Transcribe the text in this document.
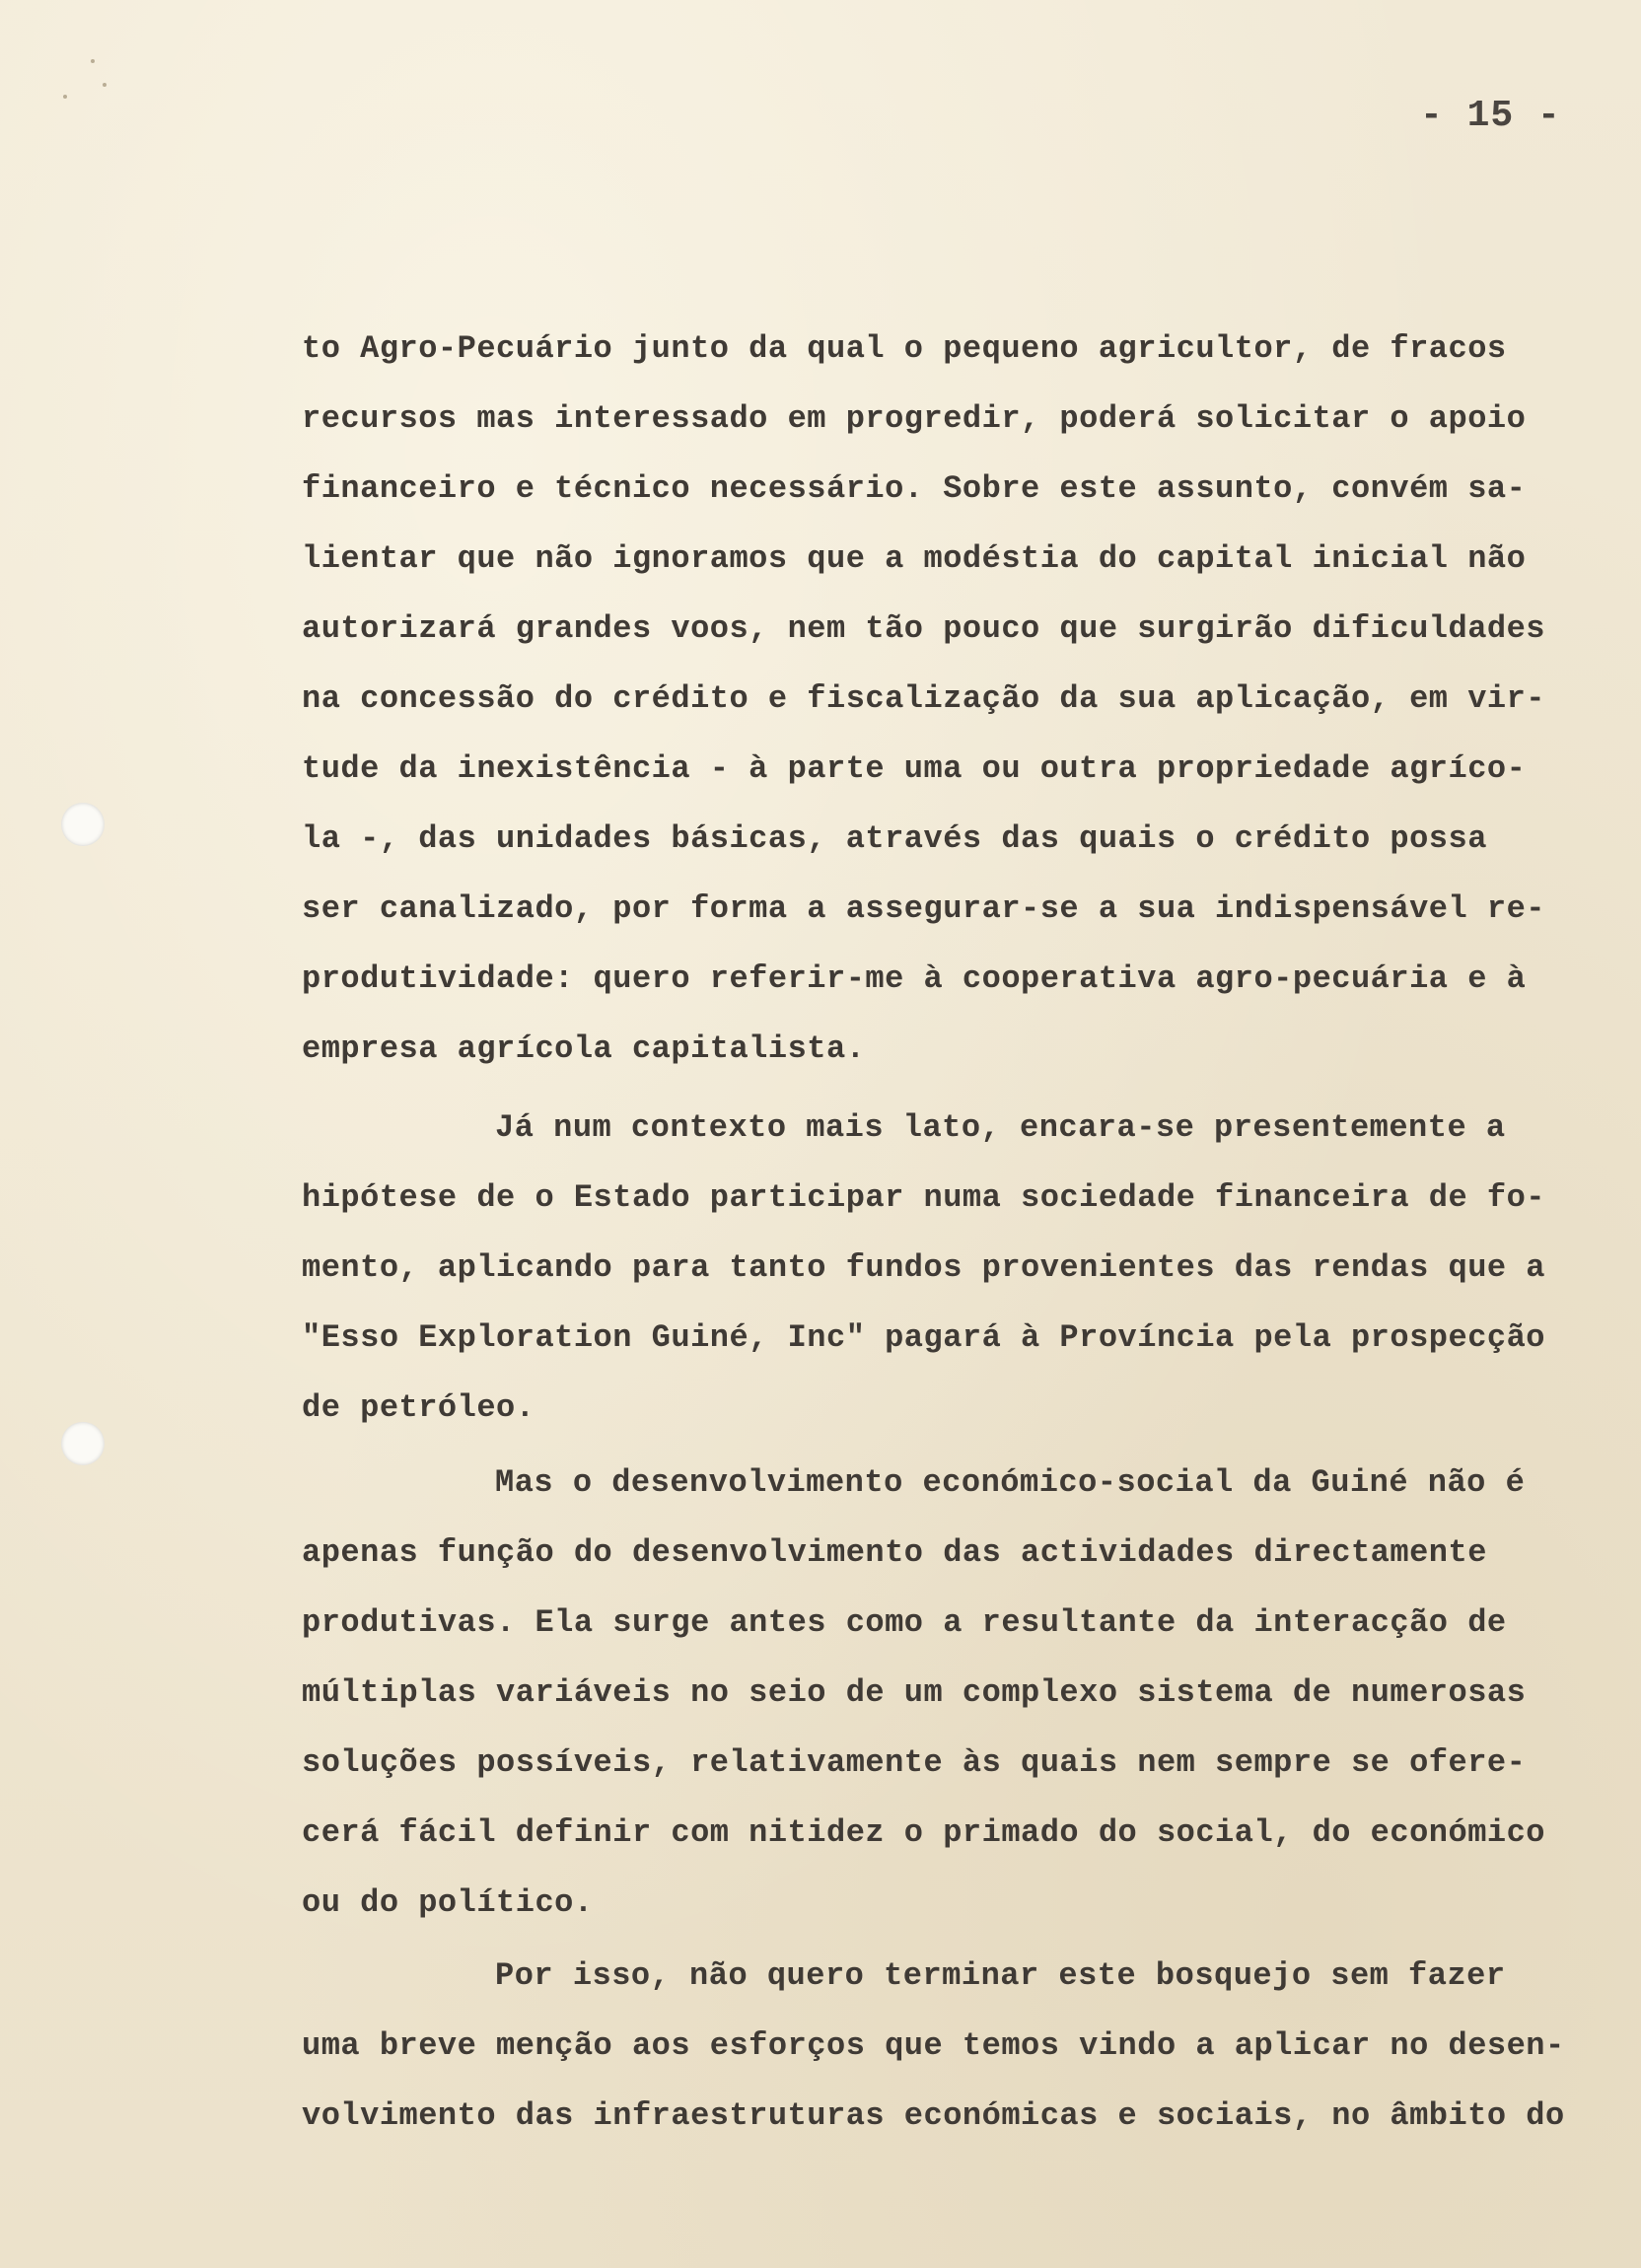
- 15 -
to Agro-Pecuário junto da qual o pequeno agricultor, de fracos
recursos mas interessado em progredir, poderá solicitar o apoio
financeiro e técnico necessário. Sobre este assunto, convém sa-
lientar que não ignoramos que a modéstia do capital inicial não
autorizará grandes voos, nem tão pouco que surgirão dificuldades
na concessão do crédito e fiscalização da sua aplicação, em vir-
tude da inexistência - à parte uma ou outra propriedade agríco-
la -, das unidades básicas, através das quais o crédito possa
ser canalizado, por forma a assegurar-se a sua indispensável re-
produtividade: quero referir-me à cooperativa agro-pecuária e à
empresa agrícola capitalista.
Já num contexto mais lato, encara-se presentemente a
hipótese de o Estado participar numa sociedade financeira de fo-
mento, aplicando para tanto fundos provenientes das rendas que a
"Esso Exploration Guiné, Inc" pagará à Província pela prospecção
de petróleo.
Mas o desenvolvimento económico-social da Guiné não é
apenas função do desenvolvimento das actividades directamente
produtivas. Ela surge antes como a resultante da interacção de
múltiplas variáveis no seio de um complexo sistema de numerosas
soluções possíveis, relativamente às quais nem sempre se ofere-
cerá fácil definir com nitidez o primado do social, do económico
ou do político.
Por isso, não quero terminar este bosquejo sem fazer
uma breve menção aos esforços que temos vindo a aplicar no desen-
volvimento das infraestruturas económicas e sociais, no âmbito do
